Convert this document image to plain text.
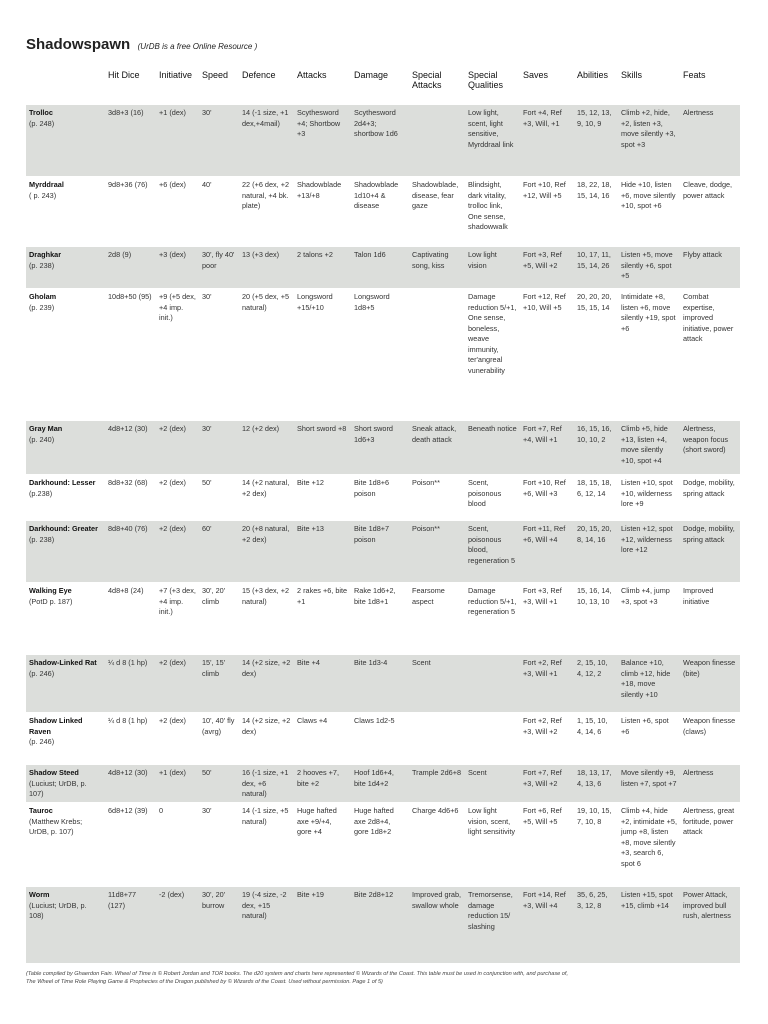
Shadowspawn (UrDB is a free Online Resource )
	Hit Dice	Initiative	Speed	Defence	Attacks	Damage	Special Attacks	Special Qualities	Saves	Abilities	Skills	Feats

Trolloc
(p. 248)	3d8+3 (16)	+1 (dex)	30'	14 (-1 size, +1 dex,+4mail)	Scythesword +4; Shortbow +3	Scythesword 2d4+3; shortbow 1d6		Low light, scent, light sensitive, Myrddraal link	Fort +4, Ref +3, Will, +1	15, 12, 13, 9, 10, 9	Climb +2, hide, +2, listen +3, move silently +3, spot +3	Alertness

Myrddraal
( p. 243)	9d8+36 (76)	+6 (dex)	40'	22 (+6 dex, +2 natural, +4 bk. plate)	Shadowblade +13/+8	Shadowblade 1d10+4 & disease	Shadowblade, disease, fear gaze	Blindsight, dark vitality, trolloc link, One sense, shadowwalk	Fort +10, Ref +12, Will +5	18, 22, 18, 15, 14, 16	Hide +10, listen +6, move silently +10, spot +6	Cleave, dodge, power attack

Draghkar
(p. 238)	2d8 (9)	+3 (dex)	30', fly 40' poor	13 (+3 dex)	2 talons +2	Talon 1d6	Captivating song, kiss	Low light vision	Fort +3, Ref +5, Will +2	10, 17, 11, 15, 14, 26	Listen +5, move silently +6, spot +5	Flyby attack

Gholam
(p. 239)	10d8+50 (95)	+9 (+5 dex, +4 imp. init.)	30'	20 (+5 dex, +5 natural)	Longsword +15/+10	Longsword 1d8+5		Damage reduction 5/+1, One sense, boneless, weave immunity, ter'angreal vunerability	Fort +12, Ref +10, Will +5	20, 20, 20, 15, 15, 14	Intimidate +8, listen +6, move silently +19, spot +6	Combat expertise, improved initiative, power attack

Gray Man
(p. 240)	4d8+12 (30)	+2 (dex)	30'	12 (+2 dex)	Short sword +8	Short sword 1d6+3	Sneak attack, death attack	Beneath notice	Fort +7, Ref +4, Will +1	16, 15, 16, 10, 10, 2	Climb +5, hide +13, listen +4, move silently +10, spot +4	Alertness, weapon focus (short sword)

Darkhound: Lesser
(p.238)	8d8+32 (68)	+2 (dex)	50'	14 (+2 natural, +2 dex)	Bite +12	Bite 1d8+6 poison	Poison**	Scent, poisonous blood	Fort +10, Ref +6, Will +3	18, 15, 18, 6, 12, 14	Listen +10, spot +10, wilderness lore +9	Dodge, mobility, spring attack

Darkhound: Greater
(p. 238)	8d8+40 (76)	+2 (dex)	60'	20 (+8 natural, +2 dex)	Bite +13	Bite 1d8+7 poison	Poison**	Scent, poisonous blood, regeneration 5	Fort +11, Ref +6, Will +4	20, 15, 20, 8, 14, 16	Listen +12, spot +12, wilderness lore +12	Dodge, mobility, spring attack

Walking Eye
(PotD p. 187)	4d8+8 (24)	+7 (+3 dex, +4 imp. init.)	30', 20' climb	15 (+3 dex, +2 natural)	2 rakes +6, bite +1	Rake 1d6+2, bite 1d8+1	Fearsome aspect	Damage reduction 5/+1, regeneration 5	Fort +3, Ref +3, Will +1	15, 16, 14, 10, 13, 10	Climb +4, jump +3, spot +3	Improved initiative

Shadow-Linked Rat
(p. 246)	¼ d 8 (1 hp)	+2 (dex)	15', 15' climb	14 (+2 size, +2 dex)	Bite +4	Bite 1d3-4	Scent		Fort +2, Ref +3, Will +1	2, 15, 10, 4, 12, 2	Balance +10, climb +12, hide +18, move silently +10	Weapon finesse (bite)

Shadow Linked Raven
(p. 246)	¼ d 8 (1 hp)	+2 (dex)	10', 40' fly (avrg)	14 (+2 size, +2 dex)	Claws +4	Claws 1d2-5			Fort +2, Ref +3, Will +2	1, 15, 10, 4, 14, 6	Listen +6, spot +6	Weapon finesse (claws)

Shadow Steed
(Luciust; UrDB, p. 107)	4d8+12 (30)	+1 (dex)	50'	16 (-1 size, +1 dex, +6 natural)	2 hooves +7, bite +2	Hoof 1d6+4, bite 1d4+2	Trample 2d6+8	Scent	Fort +7, Ref +3, Will +2	18, 13, 17, 4, 13, 6	Move silently +9, listen +7, spot +7	Alertness

Tauroc
(Matthew Krebs; UrDB, p. 107)	6d8+12 (39)	0	30'	14 (-1 size, +5 natural)	Huge hafted axe +9/+4, gore +4	Huge hafted axe 2d8+4, gore 1d8+2	Charge 4d6+6	Low light vision, scent, light sensitivity	Fort +6, Ref +5, Will +5	19, 10, 15, 7, 10, 8	Climb +4, hide +2, intimidate +5, jump +8, listen +8, move silently +3, search 6, spot 6	Alertness, great fortitude, power attack

Worm
(Luciust; UrDB, p. 108)	11d8+77 (127)	-2 (dex)	30', 20' burrow	19 (-4 size, -2 dex, +15 natural)	Bite +19	Bite 2d8+12	Improved grab, swallow whole	Tremorsense, damage reduction 15/ slashing	Fort +14, Ref +3, Will +4	35, 6, 25, 3, 12, 8	Listen +15, spot +15, climb +14	Power Attack, improved bull rush, alertness
(Table compiled by Ghaerdon Fain. Wheel of Time is © Robert Jordan and TOR books. The d20 system and charts here represented © Wizards of the Coast. This table must be used in conjunction with, and purchase of,
The Wheel of Time Role Playing Game & Prophecies of the Dragon published by © Wizards of the Coast. Used without permission. Page 1 of 5)
